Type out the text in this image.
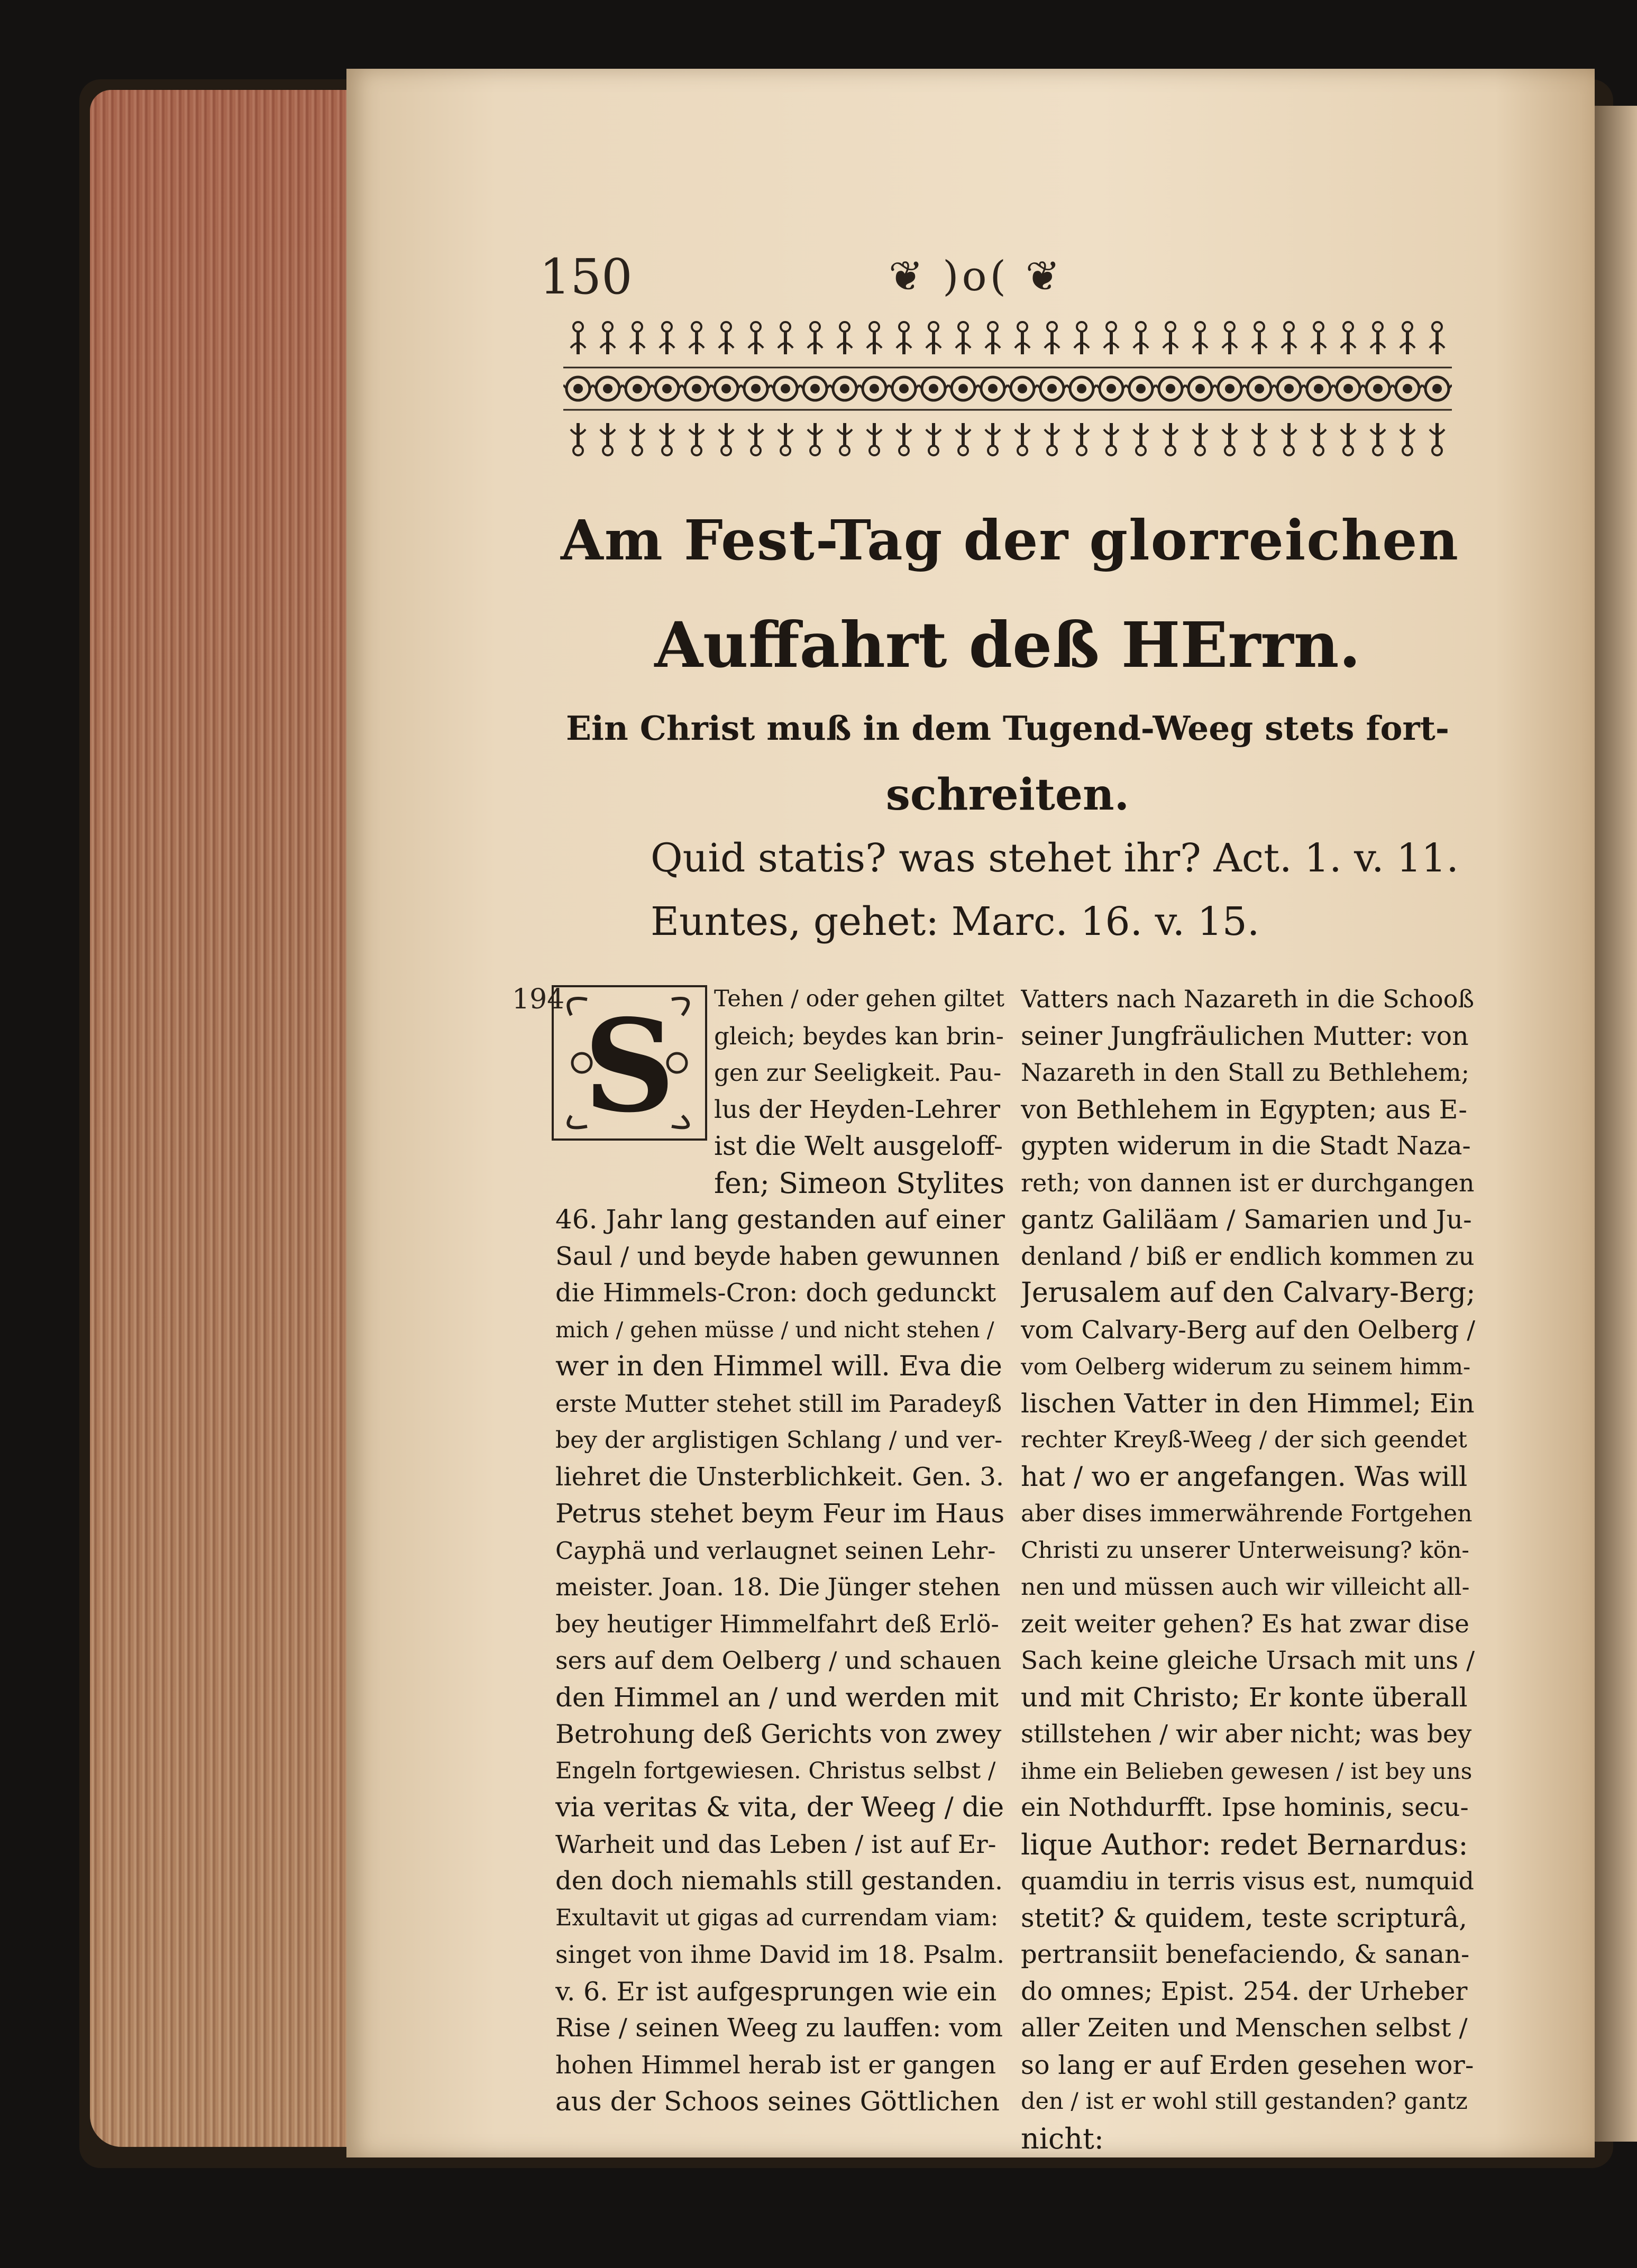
150	❦ )o( ❦
Am Fest-Tag der glorreichen
Auffahrt deß HErrn.
Ein Christ muß in dem Tugend-Weeg stets fort-
schreiten.
Quid statis? was stehet ihr? Act. 1. v. 11.
Euntes, gehet: Marc. 16. v. 15.
194 S	Tehen / oder gehen giltet
gleich; beydes kan brin-
gen zur Seeligkeit. Pau-
lus der Heyden-Lehrer
ist die Welt ausgeloff-
fen; Simeon Stylites
46. Jahr lang gestanden auf einer
Saul / und beyde haben gewunnen
die Himmels-Cron: doch gedunckt
mich / gehen müsse / und nicht stehen /
wer in den Himmel will. Eva die
erste Mutter stehet still im Paradeyß
bey der arglistigen Schlang / und ver-
liehret die Unsterblichkeit. Gen. 3.
Petrus stehet beym Feur im Haus
Cayphä und verlaugnet seinen Lehr-
meister. Joan. 18. Die Jünger stehen
bey heutiger Himmelfahrt deß Erlö-
sers auf dem Oelberg / und schauen
den Himmel an / und werden mit
Betrohung deß Gerichts von zwey
Engeln fortgewiesen. Christus selbst /
via veritas & vita, der Weeg / die
Warheit und das Leben / ist auf Er-
den doch niemahls still gestanden.
Exultavit ut gigas ad currendam viam:
singet von ihme David im 18. Psalm.
v. 6. Er ist aufgesprungen wie ein
Rise / seinen Weeg zu lauffen: vom
hohen Himmel herab ist er gangen
aus der Schoos seines Göttlichen
Vatters nach Nazareth in die Schooß
seiner Jungfräulichen Mutter: von
Nazareth in den Stall zu Bethlehem;
von Bethlehem in Egypten; aus E-
gypten widerum in die Stadt Naza-
reth; von dannen ist er durchgangen
gantz Galiläam / Samarien und Ju-
denland / biß er endlich kommen zu
Jerusalem auf den Calvary-Berg;
vom Calvary-Berg auf den Oelberg /
vom Oelberg widerum zu seinem himm-
lischen Vatter in den Himmel; Ein
rechter Kreyß-Weeg / der sich geendet
hat / wo er angefangen. Was will
aber dises immerwährende Fortgehen
Christi zu unserer Unterweisung? kön-
nen und müssen auch wir villeicht all-
zeit weiter gehen? Es hat zwar dise
Sach keine gleiche Ursach mit uns /
und mit Christo; Er konte überall
stillstehen / wir aber nicht; was bey
ihme ein Belieben gewesen / ist bey uns
ein Nothdurfft. Ipse hominis, secu-
lique Author: redet Bernardus:
quamdiu in terris visus est, numquid
stetit? & quidem, teste scripturâ,
pertransiit benefaciendo, & sanan-
do omnes; Epist. 254. der Urheber
aller Zeiten und Menschen selbst /
so lang er auf Erden gesehen wor-
den / ist er wohl still gestanden? gantz
nicht:
